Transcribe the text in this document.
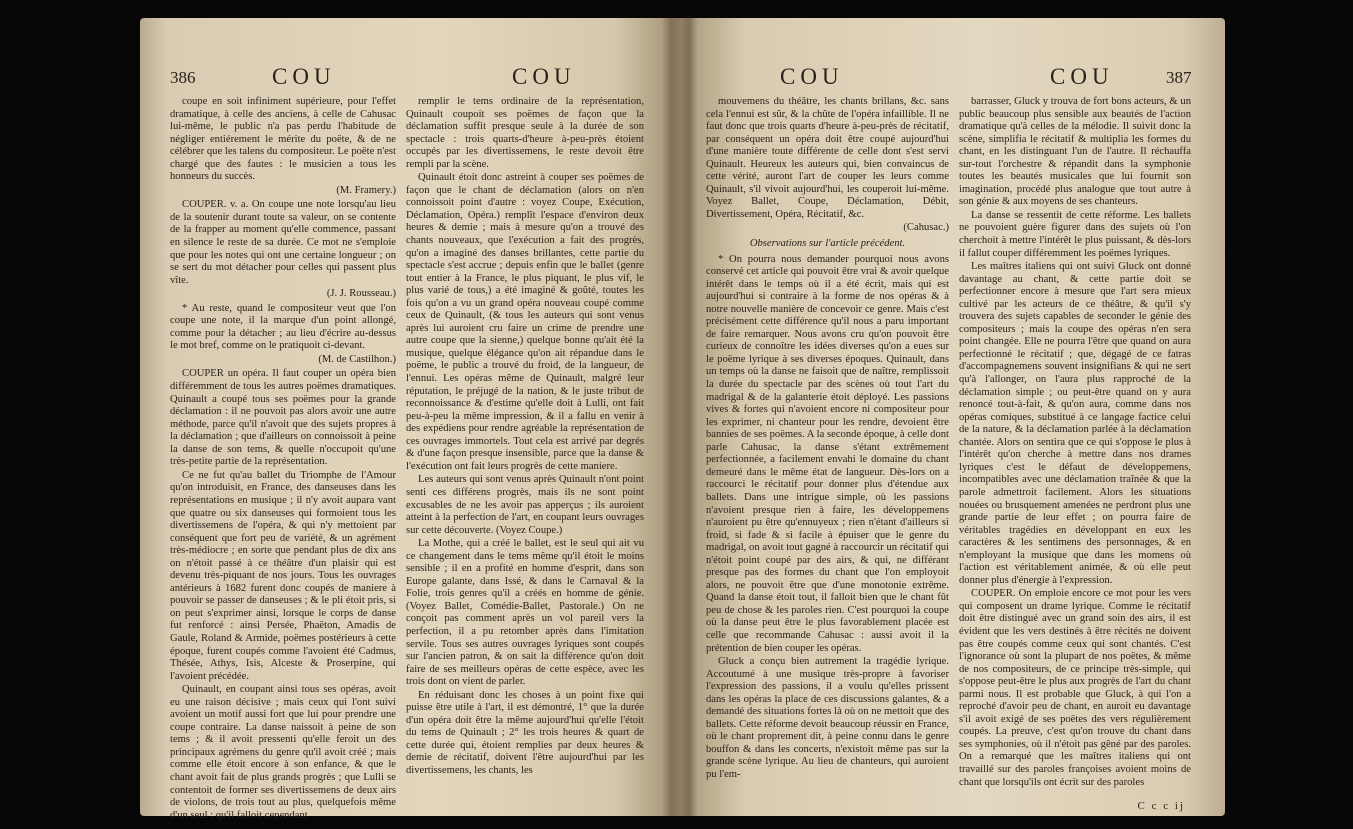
386	COU	COU

coupe en soit infiniment supérieure, pour l'effet dramatique, à celle des anciens, à celle de Cahusac lui-même, le public n'a pas perdu l'habitude de négliger entiérement le mérite du poëte, & de ne célébrer que les talens du compositeur. Le poëte n'est chargé que des fautes : le musicien a tous les honneurs du succès.

(M. Framery.)

COUPER. v. a. On coupe une note lorsqu'au lieu de la soutenir durant toute sa valeur, on se contente de la frapper au moment qu'elle commence, passant en silence le reste de sa durée. Ce mot ne s'emploie que pour les notes qui ont une certaine longueur ; on se sert du mot détacher pour celles qui passent plus vîte.

(J. J. Rousseau.)

* Au reste, quand le compositeur veut que l'on coupe une note, il la marque d'un point allongé, comme pour la détacher ; au lieu d'écrire au-dessus le mot bref, comme on le pratiquoit ci-devant.

(M. de Castilhon.)

COUPER un opéra. Il faut couper un opéra bien différemment de tous les autres poëmes dramatiques. Quinault a coupé tous ses poëmes pour la grande déclamation : il ne pouvoit pas alors avoir une autre méthode, parce qu'il n'avoit que des sujets propres à la déclamation ; que d'ailleurs on connoissoit à peine la danse de son tems, & quelle n'occupoit qu'une très-petite partie de la représentation.

Ce ne fut qu'au ballet du Triomphe de l'Amour qu'on introduisit, en France, des danseuses dans les représentations en musique ; il n'y avoit aupara vant que quatre ou six danseuses qui formoient tous les divertissemens de l'opéra, & qui n'y mettoient par conséquent que fort peu de variété, & un agrément très-médiocre ; en sorte que pendant plus de dix ans on n'étoit passé à ce théâtre d'un plaisir qui est devenu très-piquant de nos jours. Tous les ouvrages antérieurs à 1682 furent donc coupés de maniere à pouvoir se passer de danseuses ; & le pli étoit pris, si on peut s'exprimer ainsi, lorsque le corps de danse fut renforcé : ainsi Persée, Phaëton, Amadis de Gaule, Roland & Armide, poëmes postérieurs à cette époque, furent coupés comme l'avoient été Cadmus, Thésée, Athys, Isis, Alceste & Proserpine, qui l'avoient précédée.

Quinault, en coupant ainsi tous ses opéras, avoit eu une raison décisive ; mais ceux qui l'ont suivi avoient un motif aussi fort que lui pour prendre une coupe contraire. La danse naissoit à peine de son tems ; & il avoit pressenti qu'elle feroit un des principaux agrémens du genre qu'il avoit créé ; mais comme elle étoit encore à son enfance, & que le chant avoit fait de plus grands progrès ; que Lulli se contentoit de former ses divertissemens de deux airs de violons, de trois tout au plus, quelquefois même d'un seul ; qu'il falloit cependant

remplir le tems ordinaire de la représentation, Quinault coupoit ses poëmes de façon que la déclamation suffit presque seule à la durée de son spectacle : trois quarts-d'heure à-peu-près étoient occupés par les divertissemens, le reste devoit être rempli par la scène.

Quinault étoit donc astreint à couper ses poëmes de façon que le chant de déclamation (alors on n'en connoissoit point d'autre : voyez Coupe, Exécution, Déclamation, Opéra.) remplît l'espace d'environ deux heures & demie ; mais à mesure qu'on a trouvé des chants nouveaux, que l'exécution a fait des progrès, qu'on a imaginé des danses brillantes, cette partie du spectacle s'est accrue ; depuis enfin que le ballet (genre tout entier à la France, le plus piquant, le plus vif, le plus varié de tous,) a été imaginé & goûté, toutes les fois qu'on a vu un grand opéra nouveau coupé comme ceux de Quinault, (& tous les auteurs qui sont venus après lui auroient cru faire un crime de prendre une autre coupe que la sienne,) quelque bonne qu'ait été la musique, quelque élégance qu'on ait répandue dans le poëme, le public a trouvé du froid, de la langueur, de l'ennui. Les opéras même de Quinault, malgré leur réputation, le préjugé de la nation, & le juste tribut de reconnoissance & d'estime qu'elle doit à Lulli, ont fait peu-à-peu la même impression, & il a fallu en venir à des expédiens pour rendre agréable la représentation de ces ouvrages immortels. Tout cela est arrivé par degrés & d'une façon presque insensible, parce que la danse & l'exécution ont fait leurs progrès de cette maniere.

Les auteurs qui sont venus après Quinault n'ont point senti ces différens progrès, mais ils ne sont point excusables de ne les avoir pas apperçus ; ils auroient atteint à la perfection de l'art, en coupant leurs ouvrages sur cette découverte. (Voyez Coupe.)

La Mothe, qui a créé le ballet, est le seul qui ait vu ce changement dans le tems même qu'il étoit le moins sensible ; il en a profité en homme d'esprit, dans son Europe galante, dans Issé, & dans le Carnaval & la Folie, trois genres qu'il a créés en homme de génie. (Voyez Ballet, Comédie-Ballet, Pastorale.) On ne conçoit pas comment après un vol pareil vers la perfection, il a pu retomber après dans l'imitation servile. Tous ses autres ouvrages lyriques sont coupés sur l'ancien patron, & on sait la différence qu'on doit faire de ses meilleurs opéras de cette espèce, avec les trois dont on vient de parler.

En réduisant donc les choses à un point fixe qui puisse être utile à l'art, il est démontré, 1° que la durée d'un opéra doit être la même aujourd'hui qu'elle l'étoit du tems de Quinault ; 2° les trois heures & quart de cette durée qui, étoient remplies par deux heures & demie de récitatif, doivent l'être aujourd'hui par les divertissemens, les chants, les

COU	COU	387

mouvemens du théâtre, les chants brillans, &c. sans cela l'ennui est sûr, & la chûte de l'opéra infaillible. Il ne faut donc que trois quarts d'heure à-peu-près de récitatif, par conséquent un opéra doit être coupé aujourd'hui d'une manière toute différente de celle dont s'est servi Quinault. Heureux les auteurs qui, bien convaincus de cette vérité, auront l'art de couper les leurs comme Quinault, s'il vivoit aujourd'hui, les couperoit lui-même. Voyez Ballet, Coupe, Déclamation, Débit, Divertissement, Opéra, Récitatif, &c.

(Cahusac.)

Observations sur l'article précédent.

* On pourra nous demander pourquoi nous avons conservé cet article qui pouvoit être vrai & avoir quelque intérêt dans le temps où il a été écrit, mais qui est aujourd'hui si contraire à la forme de nos opéras & à notre nouvelle manière de concevoir ce genre. Mais c'est précisément cette différence qu'il nous a paru important de faire remarquer. Nous avons cru qu'on pouvoit être curieux de connoître les idées diverses qu'on a eues sur le poëme lyrique à ses diverses époques. Quinault, dans un temps où la danse ne faisoit que de naître, remplissoit la durée du spectacle par des scènes où tout l'art du madrigal & de la galanterie étoit déployé. Les passions vives & fortes qui n'avoient encore ni compositeur pour les exprimer, ni chanteur pour les rendre, devoient être bannies de ses poëmes. A la seconde époque, à celle dont parle Cahusac, la danse s'étant extrêmement perfectionnée, a facilement envahi le domaine du chant demeuré dans le même état de langueur. Dès-lors on a raccourci le récitatif pour donner plus d'étendue aux ballets. Dans une intrigue simple, où les passions n'avoient presque rien à faire, les développemens n'auroient pu être qu'ennuyeux ; rien n'étant d'ailleurs si froid, si fade & si facile à épuiser que le genre du madrigal, on avoit tout gagné à raccourcir un récitatif qui n'étoit point coupé par des airs, & qui, ne différant presque pas des formes du chant que l'on employoit alors, ne pouvoit être que d'une monotonie extrême. Quand la danse étoit tout, il falloit bien que le chant fût peu de chose & les paroles rien. C'est pourquoi la coupe où la danse peut être le plus favorablement placée est celle que recommande Cahusac : aussi avoit il la prétention de bien couper les opéras.

Gluck a conçu bien autrement la tragédie lyrique. Accoutumé à une musique très-propre à favoriser l'expression des passions, il a voulu qu'elles prissent dans les opéras la place de ces discussions galantes, & a demandé des situations fortes là où on ne mettoit que des ballets. Cette réforme devoit beaucoup réussir en France, où le chant proprement dit, à peine connu dans le genre bouffon & dans les concerts, n'existoit même pas sur la grande scène lyrique. Au lieu de chanteurs, qui auroient pu l'em-

barrasser, Gluck y trouva de fort bons acteurs, & un public beaucoup plus sensible aux beautés de l'action dramatique qu'à celles de la mélodie. Il suivit donc la scène, simplifia le récitatif & multiplia les formes du chant, en les distinguant l'un de l'autre. Il réchauffa sur-tout l'orchestre & répandit dans la symphonie toutes les beautés musicales que lui fournit son imagination, procédé plus analogue que tout autre à son génie & aux moyens de ses chanteurs.

La danse se ressentit de cette réforme. Les ballets ne pouvoient guère figurer dans des sujets où l'on cherchoit à mettre l'intérêt le plus puissant, & dès-lors il fallut couper différemment les poëmes lyriques.

Les maîtres italiens qui ont suivi Gluck ont donné davantage au chant, & cette partie doit se perfectionner encore à mesure que l'art sera mieux cultivé par les acteurs de ce théâtre, & qu'il s'y trouvera des sujets capables de seconder le génie des compositeurs ; mais la coupe des opéras n'en sera point changée. Elle ne pourra l'être que quand on aura perfectionné le récitatif ; que, dégagé de ce fatras d'accompagnemens souvent insignifians & qui ne sert qu'à l'allonger, on l'aura plus rapproché de la déclamation simple ; ou peut-être quand on y aura renoncé tout-à-fait, & qu'on aura, comme dans nos opéras comiques, substitué à ce langage factice celui de la nature, & la déclamation parlée à la déclamation chantée. Alors on sentira que ce qui s'oppose le plus à l'intérêt qu'on cherche à mettre dans nos drames lyriques c'est le défaut de développemens, incompatibles avec une déclamation traînée & que la parole admettroit facilement. Alors les situations nouées ou brusquement amenées ne perdront plus une grande partie de leur effet ; on pourra faire de véritables tragédies en développant en eux les caractères & les sentimens des personnages, & en n'employant la musique que dans les momens où l'action est véritablement animée, & où elle peut donner plus d'énergie à l'expression.

COUPER. On emploie encore ce mot pour les vers qui composent un drame lyrique. Comme le récitatif doit être distingué avec un grand soin des airs, il est évident que les vers destinés à être récités ne doivent pas être coupés comme ceux qui sont chantés. C'est l'ignorance où sont la plupart de nos poëtes, & même de nos compositeurs, de ce principe très-simple, qui s'oppose peut-être le plus aux progrès de l'art du chant parmi nous. Il est probable que Gluck, à qui l'on a reproché d'avoir peu de chant, en auroit eu davantage s'il avoit exigé de ses poëtes des vers régulièrement coupés. La preuve, c'est qu'on trouve du chant dans ses symphonies, où il n'étoit pas gêné par des paroles. On a remarqué que les maîtres italiens qui ont travaillé sur des paroles françoises avoient moins de chant que lorsqu'ils ont écrit sur des paroles

C c c ij
